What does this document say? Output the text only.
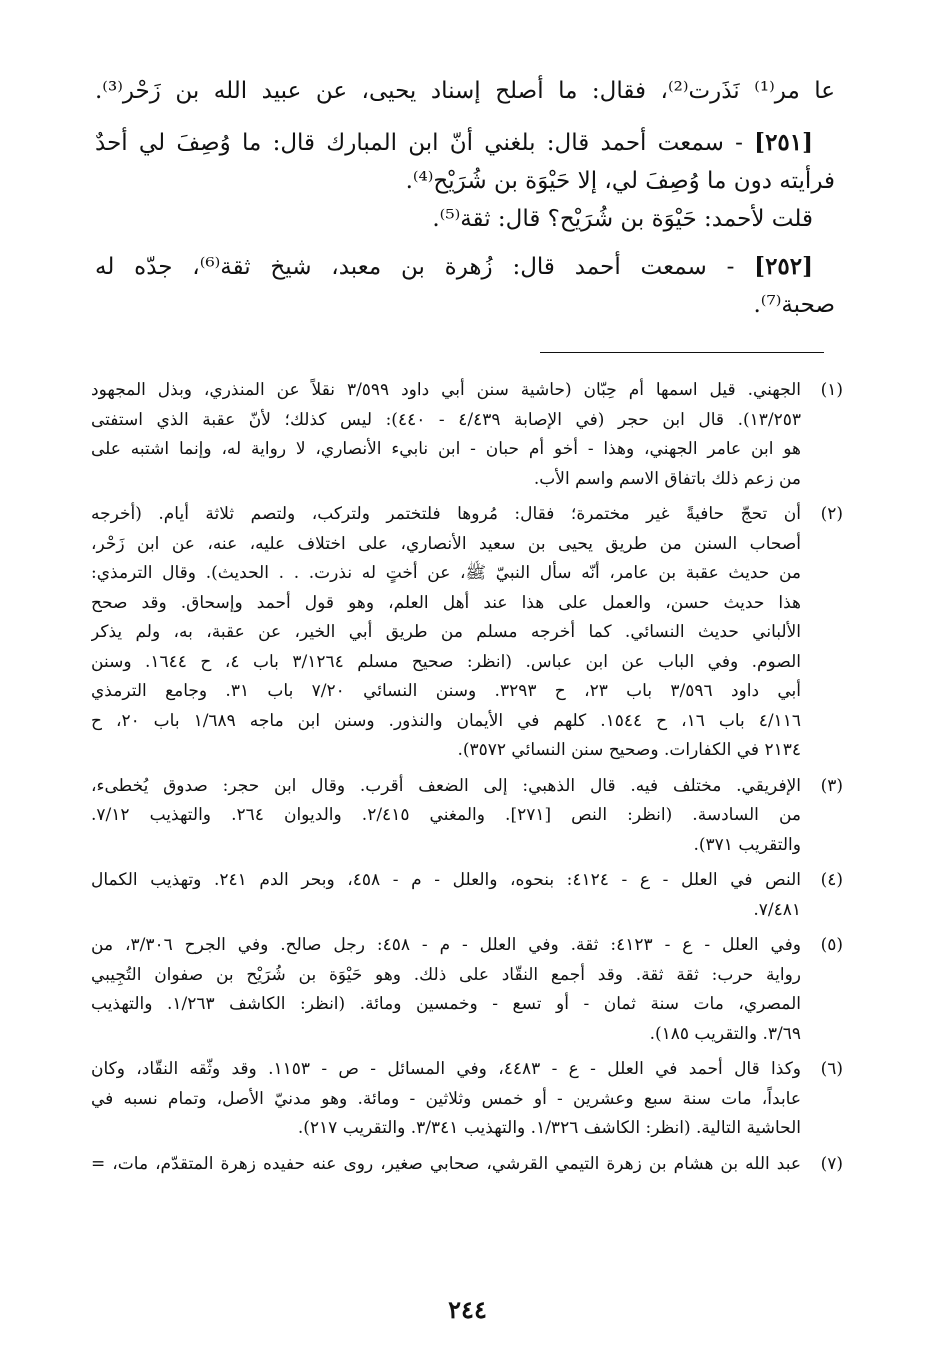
عا مر⁽¹⁾ نَذَرت⁽²⁾، فقال: ما أصلح إسناد يحيى، عن عبيد الله بن زَحْر⁽³⁾.
[٢٥١] - سمعت أحمد قال: بلغني أنّ ابن المبارك قال: ما وُصِفَ لي أحدٌ
فرأيته دون ما وُصِفَ لي، إلا حَيْوَة بن شُرَيْح⁽⁴⁾.
قلت لأحمد: حَيْوَة بن شُرَيْح؟ قال: ثقة⁽⁵⁾.
[٢٥٢] - سمعت أحمد قال: زُهرة بن معبد، شيخ ثقة⁽⁶⁾، جدّه له
صحبة⁽⁷⁾.
(١)
الجهني. قيل اسمها أم حِبّان (حاشية سنن أبي داود ٣/٥٩٩ نقلاً عن المنذري، وبذل المجهود
١٣/٢٥٣). قال ابن حجر (في الإصابة ٤/٤٣٩ - ٤٤٠): ليس كذلك؛ لأنّ عقبة الذي استفتى
هو ابن عامر الجهني، وهذا - أخو أم حبان - ابن نابيء الأنصاري، لا رواية له، وإنما اشتبه على
من زعم ذلك باتفاق الاسم واسم الأب.
(٢)
أن تحجّ حافيةً غير مختمرة؛ فقال: مُروها فلتختمر ولتركب، ولتصم ثلاثة أيام. (أخرجه
أصحاب السنن من طريق يحيى بن سعيد الأنصاري، على اختلاف عليه، عنه، عن ابن زَحْر،
من حديث عقبة بن عامر، أنّه سأل النبيّ ﷺ، عن أختٍ له نذرت. . . الحديث). وقال الترمذي:
هذا حديث حسن، والعمل على هذا عند أهل العلم، وهو قول أحمد وإسحاق. وقد صحح
الألباني حديث النسائي. كما أخرجه مسلم من طريق أبي الخير، عن عقبة، به، ولم يذكر
الصوم. وفي الباب عن ابن عباس. (انظر: صحيح مسلم ٣/١٢٦٤ باب ٤، ح ١٦٤٤. وسنن
أبي داود ٣/٥٩٦ باب ٢٣، ح ٣٢٩٣. وسنن النسائي ٧/٢٠ باب ٣١. وجامع الترمذي
٤/١١٦ باب ١٦، ح ١٥٤٤. كلهم في الأيمان والنذور. وسنن ابن ماجه ١/٦٨٩ باب ٢٠، ح
٢١٣٤ في الكفارات. وصحيح سنن النسائي ٣٥٧٢).
(٣)
الإفريقي. مختلف فيه. قال الذهبي: إلى الضعف أقرب. وقال ابن حجر: صدوق يُخطىء،
من السادسة. (انظر: النص [٢٧١]. والمغني ٢/٤١٥. والديوان ٢٦٤. والتهذيب ٧/١٢.
والتقريب ٣٧١).
(٤)
النص في العلل - ع - ٤١٢٤: بنحوه، والعلل - م - ٤٥٨، وبحر الدم ٢٤١. وتهذيب الكمال
٧/٤٨١.
(٥)
وفي العلل - ع - ٤١٢٣: ثقة. وفي العلل - م - ٤٥٨: رجل صالح. وفي الجرح ٣/٣٠٦، من
رواية حرب: ثقة ثقة. وقد أجمع النقّاد على ذلك. وهو حَيْوَة بن شُرَيْح بن صفوان التُجِيبي
المصري، مات سنة ثمان - أو تسع - وخمسين ومائة. (انظر: الكاشف ١/٢٦٣. والتهذيب
٣/٦٩. والتقريب ١٨٥).
(٦)
وكذا قال أحمد في العلل - ع - ٤٤٨٣، وفي المسائل - ص - ١١٥٣. وقد وثّقه النقّاد، وكان
عابداً، مات سنة سبع وعشرين - أو خمس وثلاثين - ومائة. وهو مدنيّ الأصل، وتمام نسبه في
الحاشية التالية. (انظر: الكاشف ١/٣٢٦. والتهذيب ٣/٣٤١. والتقريب ٢١٧).
(٧)
عبد الله بن هشام بن زهرة التيمي القرشي، صحابي صغير، روى عنه حفيده زهرة المتقدّم، مات، =
٢٤٤
